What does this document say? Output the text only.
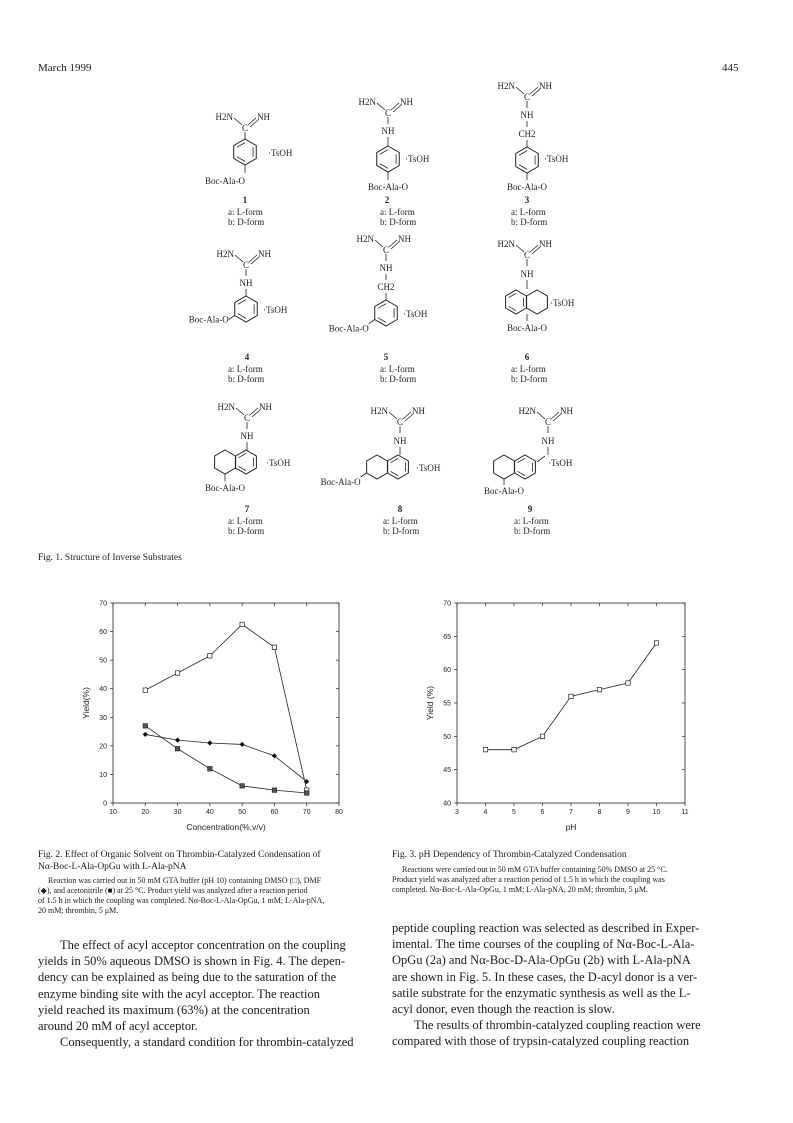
March 1999	445
H2N
C
NH
·TsOH
Boc-Ala-O
H2N
C
NH
NH
·TsOH
Boc-Ala-O
H2N
C
NH
NH
CH2
·TsOH
Boc-Ala-O
H2N
C
NH
NH
·TsOH
Boc-Ala-O
H2N
C
NH
NH
CH2
·TsOH
Boc-Ala-O
H2N
C
NH
NH
·TsOH
Boc-Ala-O
H2N
C
NH
NH
·TsOH
Boc-Ala-O
H2N
C
NH
NH
·TsOH
Boc-Ala-O
H2N
C
NH
NH
·TsOH
Boc-Ala-O
1
a: L-form
b: D-form
2
a: L-form
b: D-form
3
a: L-form
b: D-form
4
a: L-form
b: D-form
5
a: L-form
b: D-form
6
a: L-form
b: D-form
7
a: L-form
b: D-form
8
a: L-form
b: D-form
9
a: L-form
b: D-form
Fig. 1. Structure of Inverse Substrates
10	20	30	40	50	60	70	80
0
10
20
30
40
50
60
70
Concentration(%,v/v)
Yield(%)
3	4	5	6	7	8	9	10	11
40
45
50
55
60
65
70
pH
Yield (%)
Fig. 2. Effect of Organic Solvent on Thrombin-Catalyzed Condensation of
Nα-Boc-L-Ala-OpGu with L-Ala-pNA
Reaction was carried out in 50 mM GTA buffer (pH 10) containing DMSO (□), DMF
(◆), and acetonitrile (■) at 25 °C. Product yield was analyzed after a reaction period
of 1.5 h in which the coupling was completed. Nα-Boc-L-Ala-OpGu, 1 mM; L-Ala-pNA,
20 mM; thrombin, 5 μM.
Fig. 3. pH Dependency of Thrombin-Catalyzed Condensation
Reactions were carried out in 50 mM GTA buffer containing 50% DMSO at 25 °C.
Product yield was analyzed after a reaction period of 1.5 h in which the coupling was
completed. Nα-Boc-L-Ala-OpGu, 1 mM; L-Ala-pNA, 20 mM; thrombin, 5 μM.
The effect of acyl acceptor concentration on the coupling
yields in 50% aqueous DMSO is shown in Fig. 4. The depen-
dency can be explained as being due to the saturation of the
enzyme binding site with the acyl acceptor. The reaction
yield reached its maximum (63%) at the concentration
around 20 mM of acyl acceptor.
Consequently, a standard condition for thrombin-catalyzed
peptide coupling reaction was selected as described in Exper-
imental. The time courses of the coupling of Nα-Boc-L-Ala-
OpGu (2a) and Nα-Boc-D-Ala-OpGu (2b) with L-Ala-pNA
are shown in Fig. 5. In these cases, the D-acyl donor is a ver-
satile substrate for the enzymatic synthesis as well as the L-
acyl donor, even though the reaction is slow.
The results of thrombin-catalyzed coupling reaction were
compared with those of trypsin-catalyzed coupling reaction
